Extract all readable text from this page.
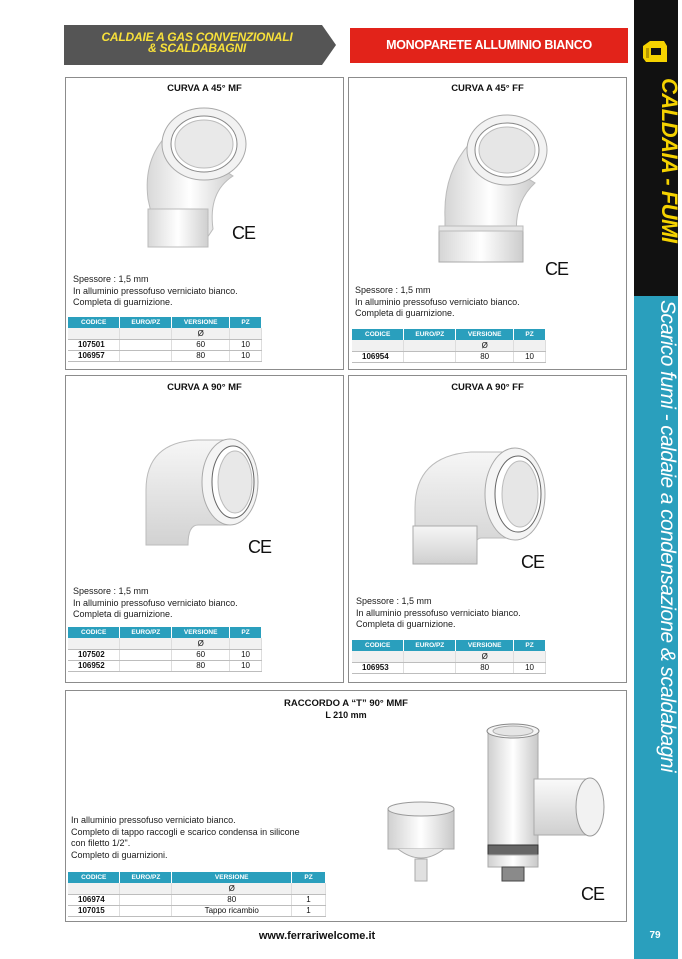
CALDAIE A GAS CONVENZIONALI
& SCALDABAGNI	MONOPARETE ALLUMINIO BIANCO
CALDAIA - FUMI
Scarico fumi - caldaie a condensazione & scaldabagni
79
CURVA A 45° MF
CE
Spessore : 1,5 mm
In alluminio pressofuso verniciato bianco.
Completa di guarnizione.
CODICE	EURO/PZ	VERSIONE	PZ
		Ø	
107501		60	10
106957		80	10
CURVA A 45° FF
CE
Spessore : 1,5 mm
In alluminio pressofuso verniciato bianco.
Completa di guarnizione.
CODICE	EURO/PZ	VERSIONE	PZ
		Ø	
106954		80	10
CURVA A 90° MF
CE
Spessore : 1,5 mm
In alluminio pressofuso verniciato bianco.
Completa di guarnizione.
CODICE	EURO/PZ	VERSIONE	PZ
		Ø	
107502		60	10
106952		80	10
CURVA A 90° FF
CE
Spessore : 1,5 mm
In alluminio pressofuso verniciato bianco.
Completa di guarnizione.
CODICE	EURO/PZ	VERSIONE	PZ
		Ø	
106953		80	10
RACCORDO A “T” 90° MMF
L 210 mm
CE
In alluminio pressofuso verniciato bianco.
Completo di tappo raccogli e scarico condensa in silicone
con filetto 1/2".
Completo di guarnizioni.
CODICE	EURO/PZ	VERSIONE	PZ
		Ø	
106974		80	1
107015		Tappo ricambio	1
www.ferrariwelcome.it
